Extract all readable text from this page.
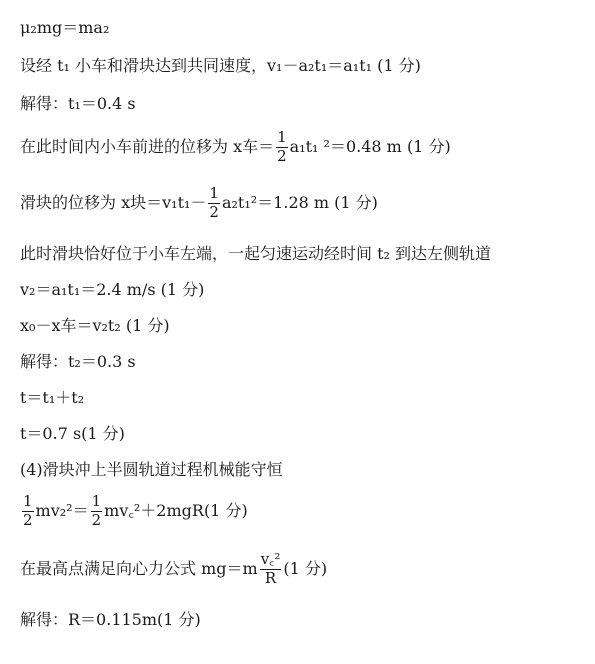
μ₂mg＝ma₂
设经 t₁ 小车和滑块达到共同速度，v₁－a₂t₁＝a₁t₁ (1 分)
解得：t₁＝0.4 s
在此时间内小车前进的位移为 x车＝ $\frac{1}{2} a_1t_1$ ²＝0.48 m (1 分)
滑块的位移为 x块$=v_1t_1- \frac{1}{2} a_2t_1^2=1.28$ m (1 分)
此时滑块恰好位于小车左端，一起匀速运动经时间 t₂ 到达左侧轨道
v₂＝a₁t₁＝2.4 m/s (1 分)
x₀－x车＝v₂t₂ (1 分)
解得：t₂＝0.3 s
t＝t₁＋t₂
t＝0.7 s(1 分)
(4)滑块冲上半圆轨道过程机械能守恒
$\frac{1}{2} mv_2^2= \frac{1}{2}$ mv꜀²＋2mgR(1 分)
在最高点满足向心力公式 $mg=m \frac{\text{v꜀²}}{R} (1$ 分)
解得：R＝0.115m(1 分)
